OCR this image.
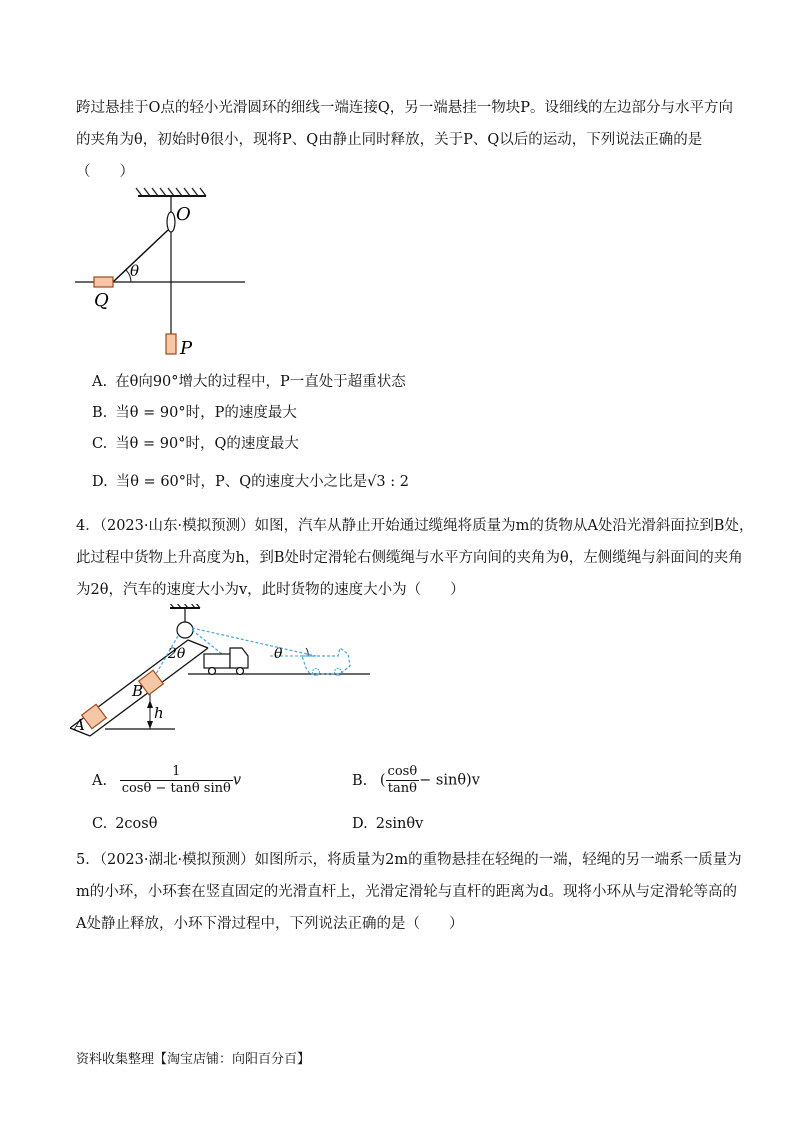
跨过悬挂于O点的轻小光滑圆环的细线一端连接Q，另一端悬挂一物块P。设细线的左边部分与水平方向
的夹角为θ，初始时θ很小，现将P、Q由静止同时释放，关于P、Q以后的运动，下列说法正确的是
（　　）
O
θ
Q
P
A. 在θ向90°增大的过程中，P一直处于超重状态
B. 当θ = 90°时，P的速度最大
C. 当θ = 90°时，Q的速度最大
D. 当θ = 60°时，P、Q的速度大小之比是√3 : 2
4．（2023·山东·模拟预测）如图，汽车从静止开始通过缆绳将质量为m的货物从A处沿光滑斜面拉到B处，
此过程中货物上升高度为h，到B处时定滑轮右侧缆绳与水平方向间的夹角为θ，左侧缆绳与斜面间的夹角
为2θ，汽车的速度大小为v，此时货物的速度大小为（　　）
2θ	θ
B
A
h
A. $\frac{1}{\text{cosθ − tanθ sinθ}}$ v	B. ( $\frac{\cos\theta}{\tan\theta} - \sin\theta)v$
C. 2cosθ	D. 2sinθv
5．（2023·湖北·模拟预测）如图所示，将质量为2m的重物悬挂在轻绳的一端，轻绳的另一端系一质量为
m的小环，小环套在竖直固定的光滑直杆上，光滑定滑轮与直杆的距离为d。现将小环从与定滑轮等高的
A处静止释放，小环下滑过程中，下列说法正确的是（　　）
资料收集整理【淘宝店铺：向阳百分百】
